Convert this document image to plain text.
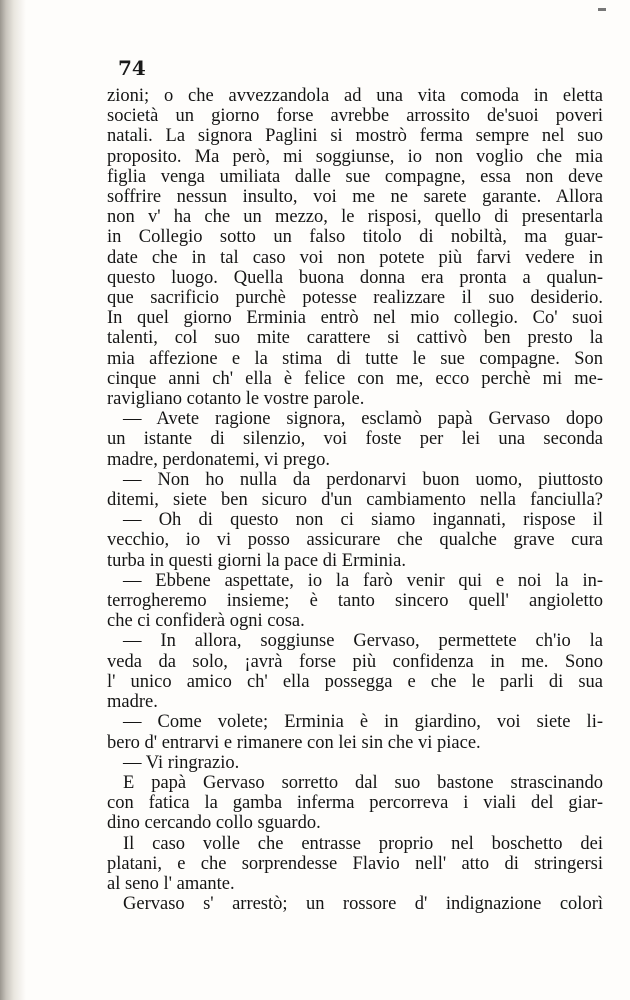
74

zioni; o che avvezzandola ad una vita comoda in eletta
società un giorno forse avrebbe arrossito de'suoi poveri
natali. La signora Paglini si mostrò ferma sempre nel suo
proposito. Ma però, mi soggiunse, io non voglio che mia
figlia venga umiliata dalle sue compagne, essa non deve
soffrire nessun insulto, voi me ne sarete garante. Allora
non v' ha che un mezzo, le risposi, quello di presentarla
in Collegio sotto un falso titolo di nobiltà, ma guar-
date che in tal caso voi non potete più farvi vedere in
questo luogo. Quella buona donna era pronta a qualun-
que sacrificio purchè potesse realizzare il suo desiderio.
In quel giorno Erminia entrò nel mio collegio. Co' suoi
talenti, col suo mite carattere si cattivò ben presto la
mia affezione e la stima di tutte le sue compagne. Son
cinque anni ch' ella è felice con me, ecco perchè mi me-
ravigliano cotanto le vostre parole.
— Avete ragione signora, esclamò papà Gervaso dopo
un istante di silenzio, voi foste per lei una seconda
madre, perdonatemi, vi prego.
— Non ho nulla da perdonarvi buon uomo, piuttosto
ditemi, siete ben sicuro d'un cambiamento nella fanciulla?
— Oh di questo non ci siamo ingannati, rispose il
vecchio, io vi posso assicurare che qualche grave cura
turba in questi giorni la pace di Erminia.
— Ebbene aspettate, io la farò venir qui e noi la in-
terrogheremo insieme; è tanto sincero quell' angioletto
che ci confiderà ogni cosa.
— In allora, soggiunse Gervaso, permettete ch'io la
veda da solo, ¡avrà forse più confidenza in me. Sono
l' unico amico ch' ella possegga e che le parli di sua
madre.
— Come volete; Erminia è in giardino, voi siete li-
bero d' entrarvi e rimanere con lei sin che vi piace.
— Vi ringrazio.
E papà Gervaso sorretto dal suo bastone strascinando
con fatica la gamba inferma percorreva i viali del giar-
dino cercando collo sguardo.
Il caso volle che entrasse proprio nel boschetto dei
platani, e che sorprendesse Flavio nell' atto di stringersi
al seno l' amante.
Gervaso s' arrestò; un rossore d' indignazione colorì
